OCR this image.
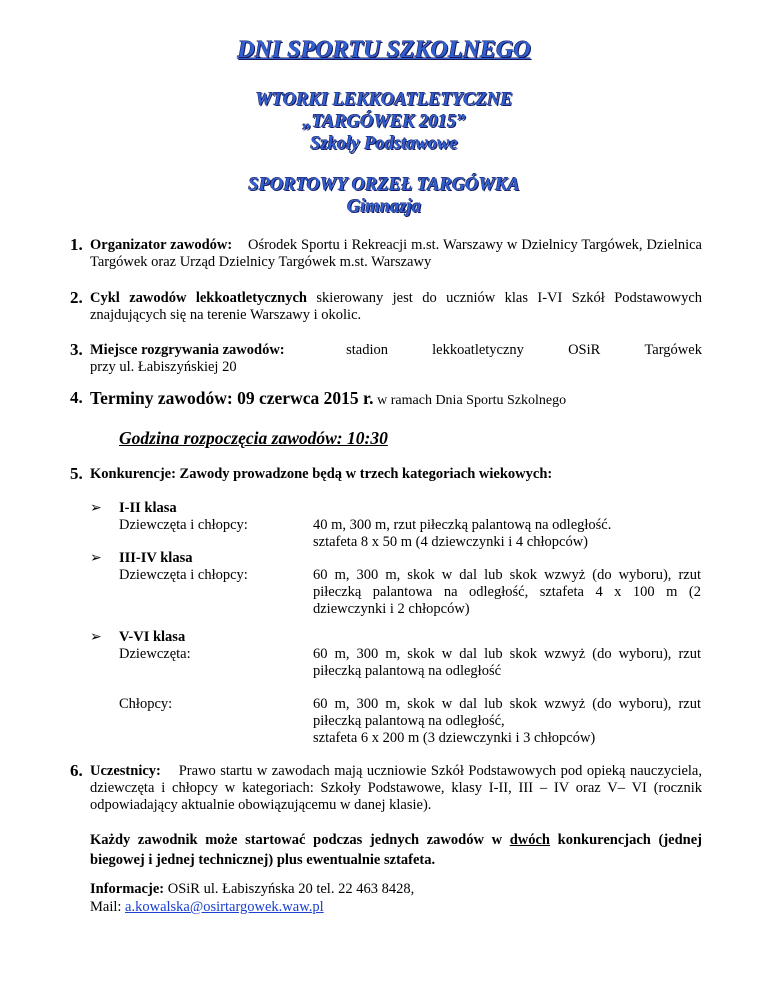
DNI SPORTU SZKOLNEGO
WTORKI LEKKOATLETYCZNE
„TARGÓWEK 2015”
Szkoły Podstawowe
SPORTOWY ORZEŁ TARGÓWKA
Gimnazja
1. Organizator zawodów: Ośrodek Sportu i Rekreacji m.st. Warszawy w Dzielnicy Targówek, Dzielnica Targówek oraz Urząd Dzielnicy Targówek m.st. Warszawy
2. Cykl zawodów lekkoatletycznych skierowany jest do uczniów klas I-VI Szkół Podstawowych znajdujących się na terenie Warszawy i okolic.
3. Miejsce rozgrywania zawodów:	stadion	lekkoatletyczny	OSiR	Targówek
przy ul. Łabiszyńskiej 20
4. Terminy zawodów: 09 czerwca 2015 r. w ramach Dnia Sportu Szkolnego
Godzina rozpoczęcia zawodów: 10:30
5. Konkurencje: Zawody prowadzone będą w trzech kategoriach wiekowych:
➢ I-II klasa
Dziewczęta i chłopcy:	40 m, 300 m, rzut piłeczką palantową na odległość.
sztafeta 8 x 50 m (4 dziewczynki i 4 chłopców)
➢ III-IV klasa
Dziewczęta i chłopcy:	60 m, 300 m, skok w dal lub skok wzwyż (do wyboru), rzut piłeczką palantowa na odległość, sztafeta 4 x 100 m (2 dziewczynki i 2 chłopców)
➢ V-VI klasa
Dziewczęta:	60 m, 300 m, skok w dal lub skok wzwyż (do wyboru), rzut piłeczką palantową na odległość
Chłopcy:	60 m, 300 m, skok w dal lub skok wzwyż (do wyboru), rzut piłeczką palantową na odległość,
sztafeta 6 x 200 m (3 dziewczynki i 3 chłopców)
6. Uczestnicy: Prawo startu w zawodach mają uczniowie Szkół Podstawowych pod opieką nauczyciela, dziewczęta i chłopcy w kategoriach: Szkoły Podstawowe, klasy I-II, III – IV oraz V– VI (rocznik odpowiadający aktualnie obowiązującemu w danej klasie).
Każdy zawodnik może startować podczas jednych zawodów w dwóch konkurencjach (jednej biegowej i jednej technicznej) plus ewentualnie sztafeta.
Informacje: OSiR ul. Łabiszyńska 20 tel. 22 463 8428,
Mail: a.kowalska@osirtargowek.waw.pl
